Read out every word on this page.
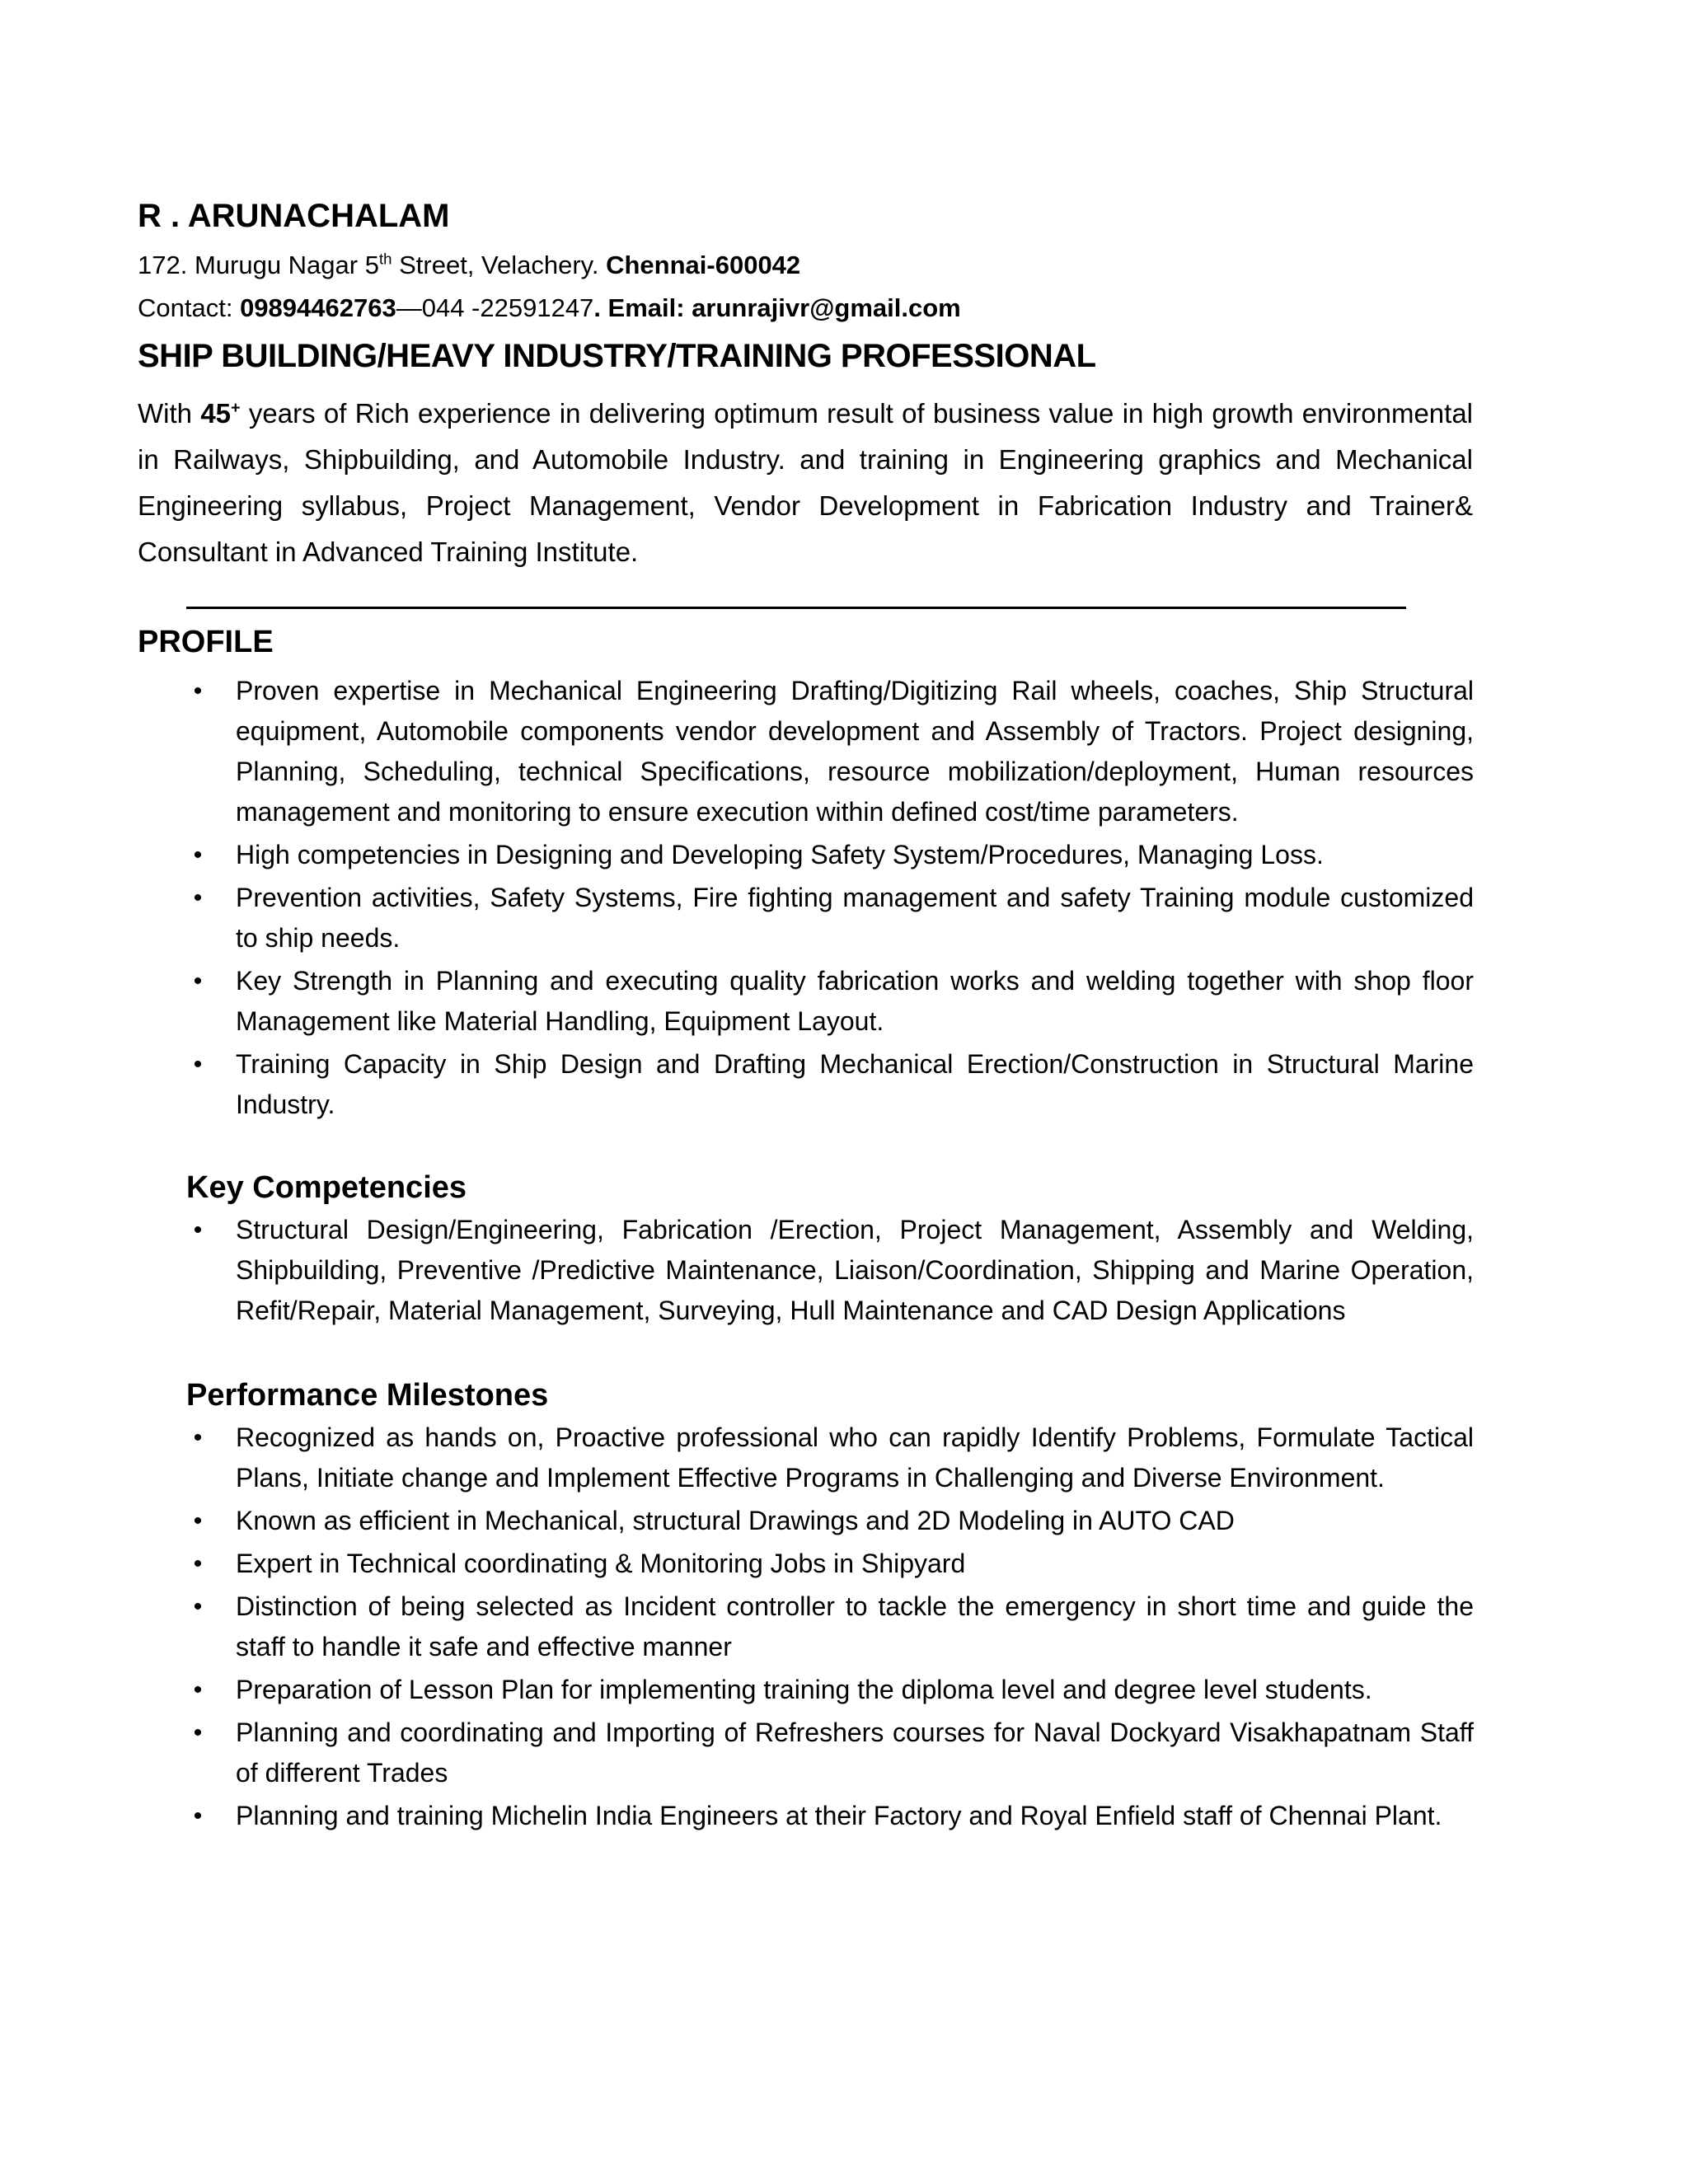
R . ARUNACHALAM
172. Murugu Nagar 5th Street, Velachery. Chennai-600042
Contact: 09894462763—044 -22591247. Email: arunrajivr@gmail.com
SHIP BUILDING/HEAVY INDUSTRY/TRAINING PROFESSIONAL

With 45+ years of Rich experience in delivering optimum result of business value in high growth environmental in Railways, Shipbuilding, and Automobile Industry. and training in Engineering graphics and Mechanical Engineering syllabus, Project Management, Vendor Development in Fabrication Industry and Trainer& Consultant in Advanced Training Institute.

PROFILE
• Proven expertise in Mechanical Engineering Drafting/Digitizing Rail wheels, coaches, Ship Structural equipment, Automobile components vendor development and Assembly of Tractors. Project designing, Planning, Scheduling, technical Specifications, resource mobilization/deployment, Human resources management and monitoring to ensure execution within defined cost/time parameters.
• High competencies in Designing and Developing Safety System/Procedures, Managing Loss.
• Prevention activities, Safety Systems, Fire fighting management and safety Training module customized to ship needs.
• Key Strength in Planning and executing quality fabrication works and welding together with shop floor Management like Material Handling, Equipment Layout.
• Training Capacity in Ship Design and Drafting Mechanical Erection/Construction in Structural Marine Industry.
Key Competencies
• Structural Design/Engineering, Fabrication /Erection, Project Management, Assembly and Welding, Shipbuilding, Preventive /Predictive Maintenance, Liaison/Coordination, Shipping and Marine Operation, Refit/Repair, Material Management, Surveying, Hull Maintenance and CAD Design Applications
Performance Milestones
• Recognized as hands on, Proactive professional who can rapidly Identify Problems, Formulate Tactical Plans, Initiate change and Implement Effective Programs in Challenging and Diverse Environment.
• Known as efficient in Mechanical, structural Drawings and 2D Modeling in AUTO CAD
• Expert in Technical coordinating & Monitoring Jobs in Shipyard
• Distinction of being selected as Incident controller to tackle the emergency in short time and guide the staff to handle it safe and effective manner
• Preparation of Lesson Plan for implementing training the diploma level and degree level students.
• Planning and coordinating and Importing of Refreshers courses for Naval Dockyard Visakhapatnam Staff of different Trades
• Planning and training Michelin India Engineers at their Factory and Royal Enfield staff of Chennai Plant.
